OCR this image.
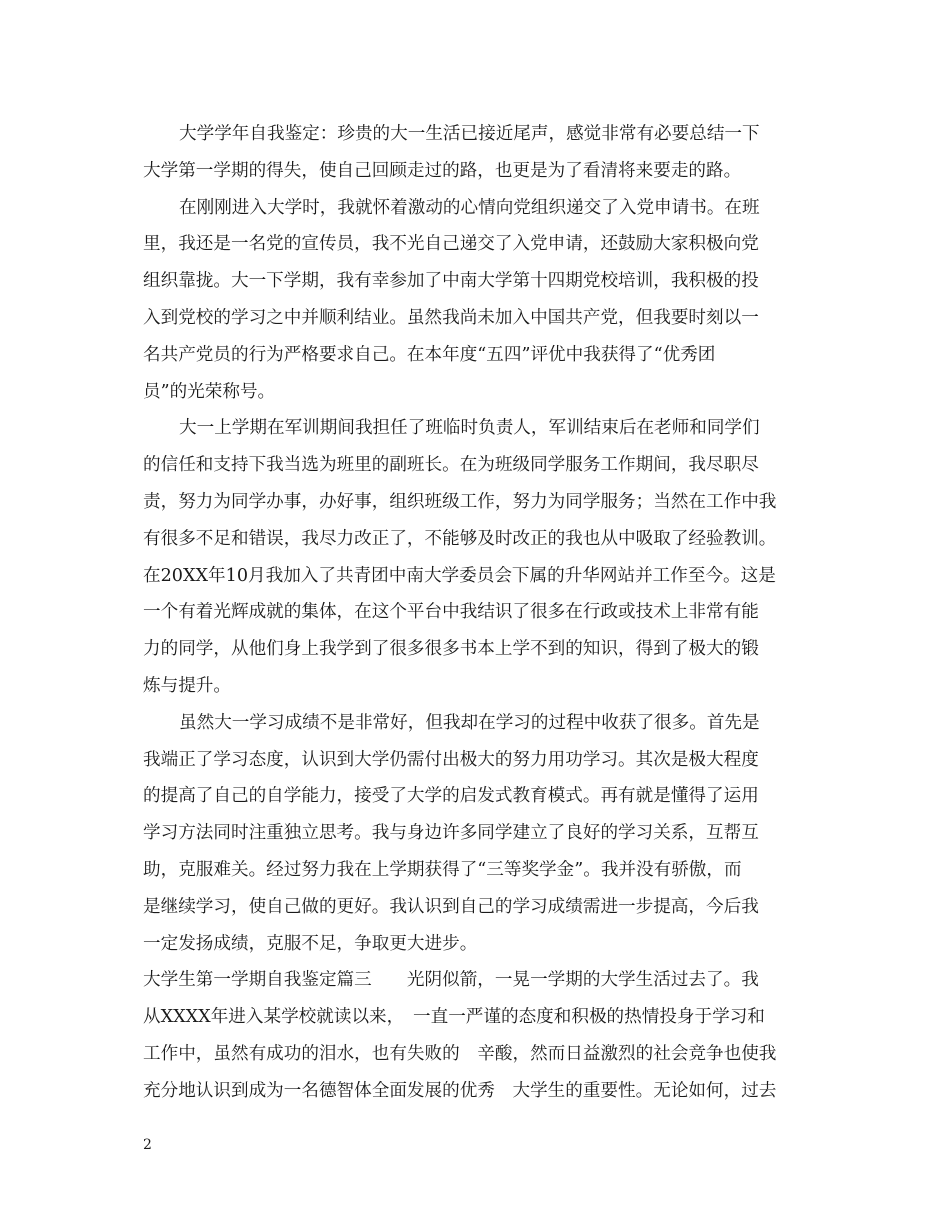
大学学年自我鉴定：珍贵的大一生活已接近尾声，感觉非常有必要总结一下
大学第一学期的得失，使自己回顾走过的路，也更是为了看清将来要走的路。
在刚刚进入大学时，我就怀着激动的心情向党组织递交了入党申请书。在班
里，我还是一名党的宣传员，我不光自己递交了入党申请，还鼓励大家积极向党
组织靠拢。大一下学期，我有幸参加了中南大学第十四期党校培训，我积极的投
入到党校的学习之中并顺利结业。虽然我尚未加入中国共产党，但我要时刻以一
名共产党员的行为严格要求自己。在本年度“五四”评优中我获得了“优秀团
员”的光荣称号。
大一上学期在军训期间我担任了班临时负责人，军训结束后在老师和同学们
的信任和支持下我当选为班里的副班长。在为班级同学服务工作期间，我尽职尽
责，努力为同学办事，办好事，组织班级工作，努力为同学服务；当然在工作中我
有很多不足和错误，我尽力改正了，不能够及时改正的我也从中吸取了经验教训。
在20XX年10月我加入了共青团中南大学委员会下属的升华网站并工作至今。这是
一个有着光辉成就的集体，在这个平台中我结识了很多在行政或技术上非常有能
力的同学，从他们身上我学到了很多很多书本上学不到的知识，得到了极大的锻
炼与提升。
虽然大一学习成绩不是非常好，但我却在学习的过程中收获了很多。首先是
我端正了学习态度，认识到大学仍需付出极大的努力用功学习。其次是极大程度
的提高了自己的自学能力，接受了大学的启发式教育模式。再有就是懂得了运用
学习方法同时注重独立思考。我与身边许多同学建立了良好的学习关系，互帮互
助，克服难关。经过努力我在上学期获得了“三等奖学金”。我并没有骄傲，而
是继续学习，使自己做的更好。我认识到自己的学习成绩需进一步提高，今后我
一定发扬成绩，克服不足，争取更大进步。
大学生第一学期自我鉴定篇三　　光阴似箭，一晃一学期的大学生活过去了。我
从XXXX年进入某学校就读以来，　一直一严谨的态度和积极的热情投身于学习和
工作中，虽然有成功的泪水，也有失败的　辛酸，然而日益激烈的社会竞争也使我
充分地认识到成为一名德智体全面发展的优秀　大学生的重要性。无论如何，过去
2
